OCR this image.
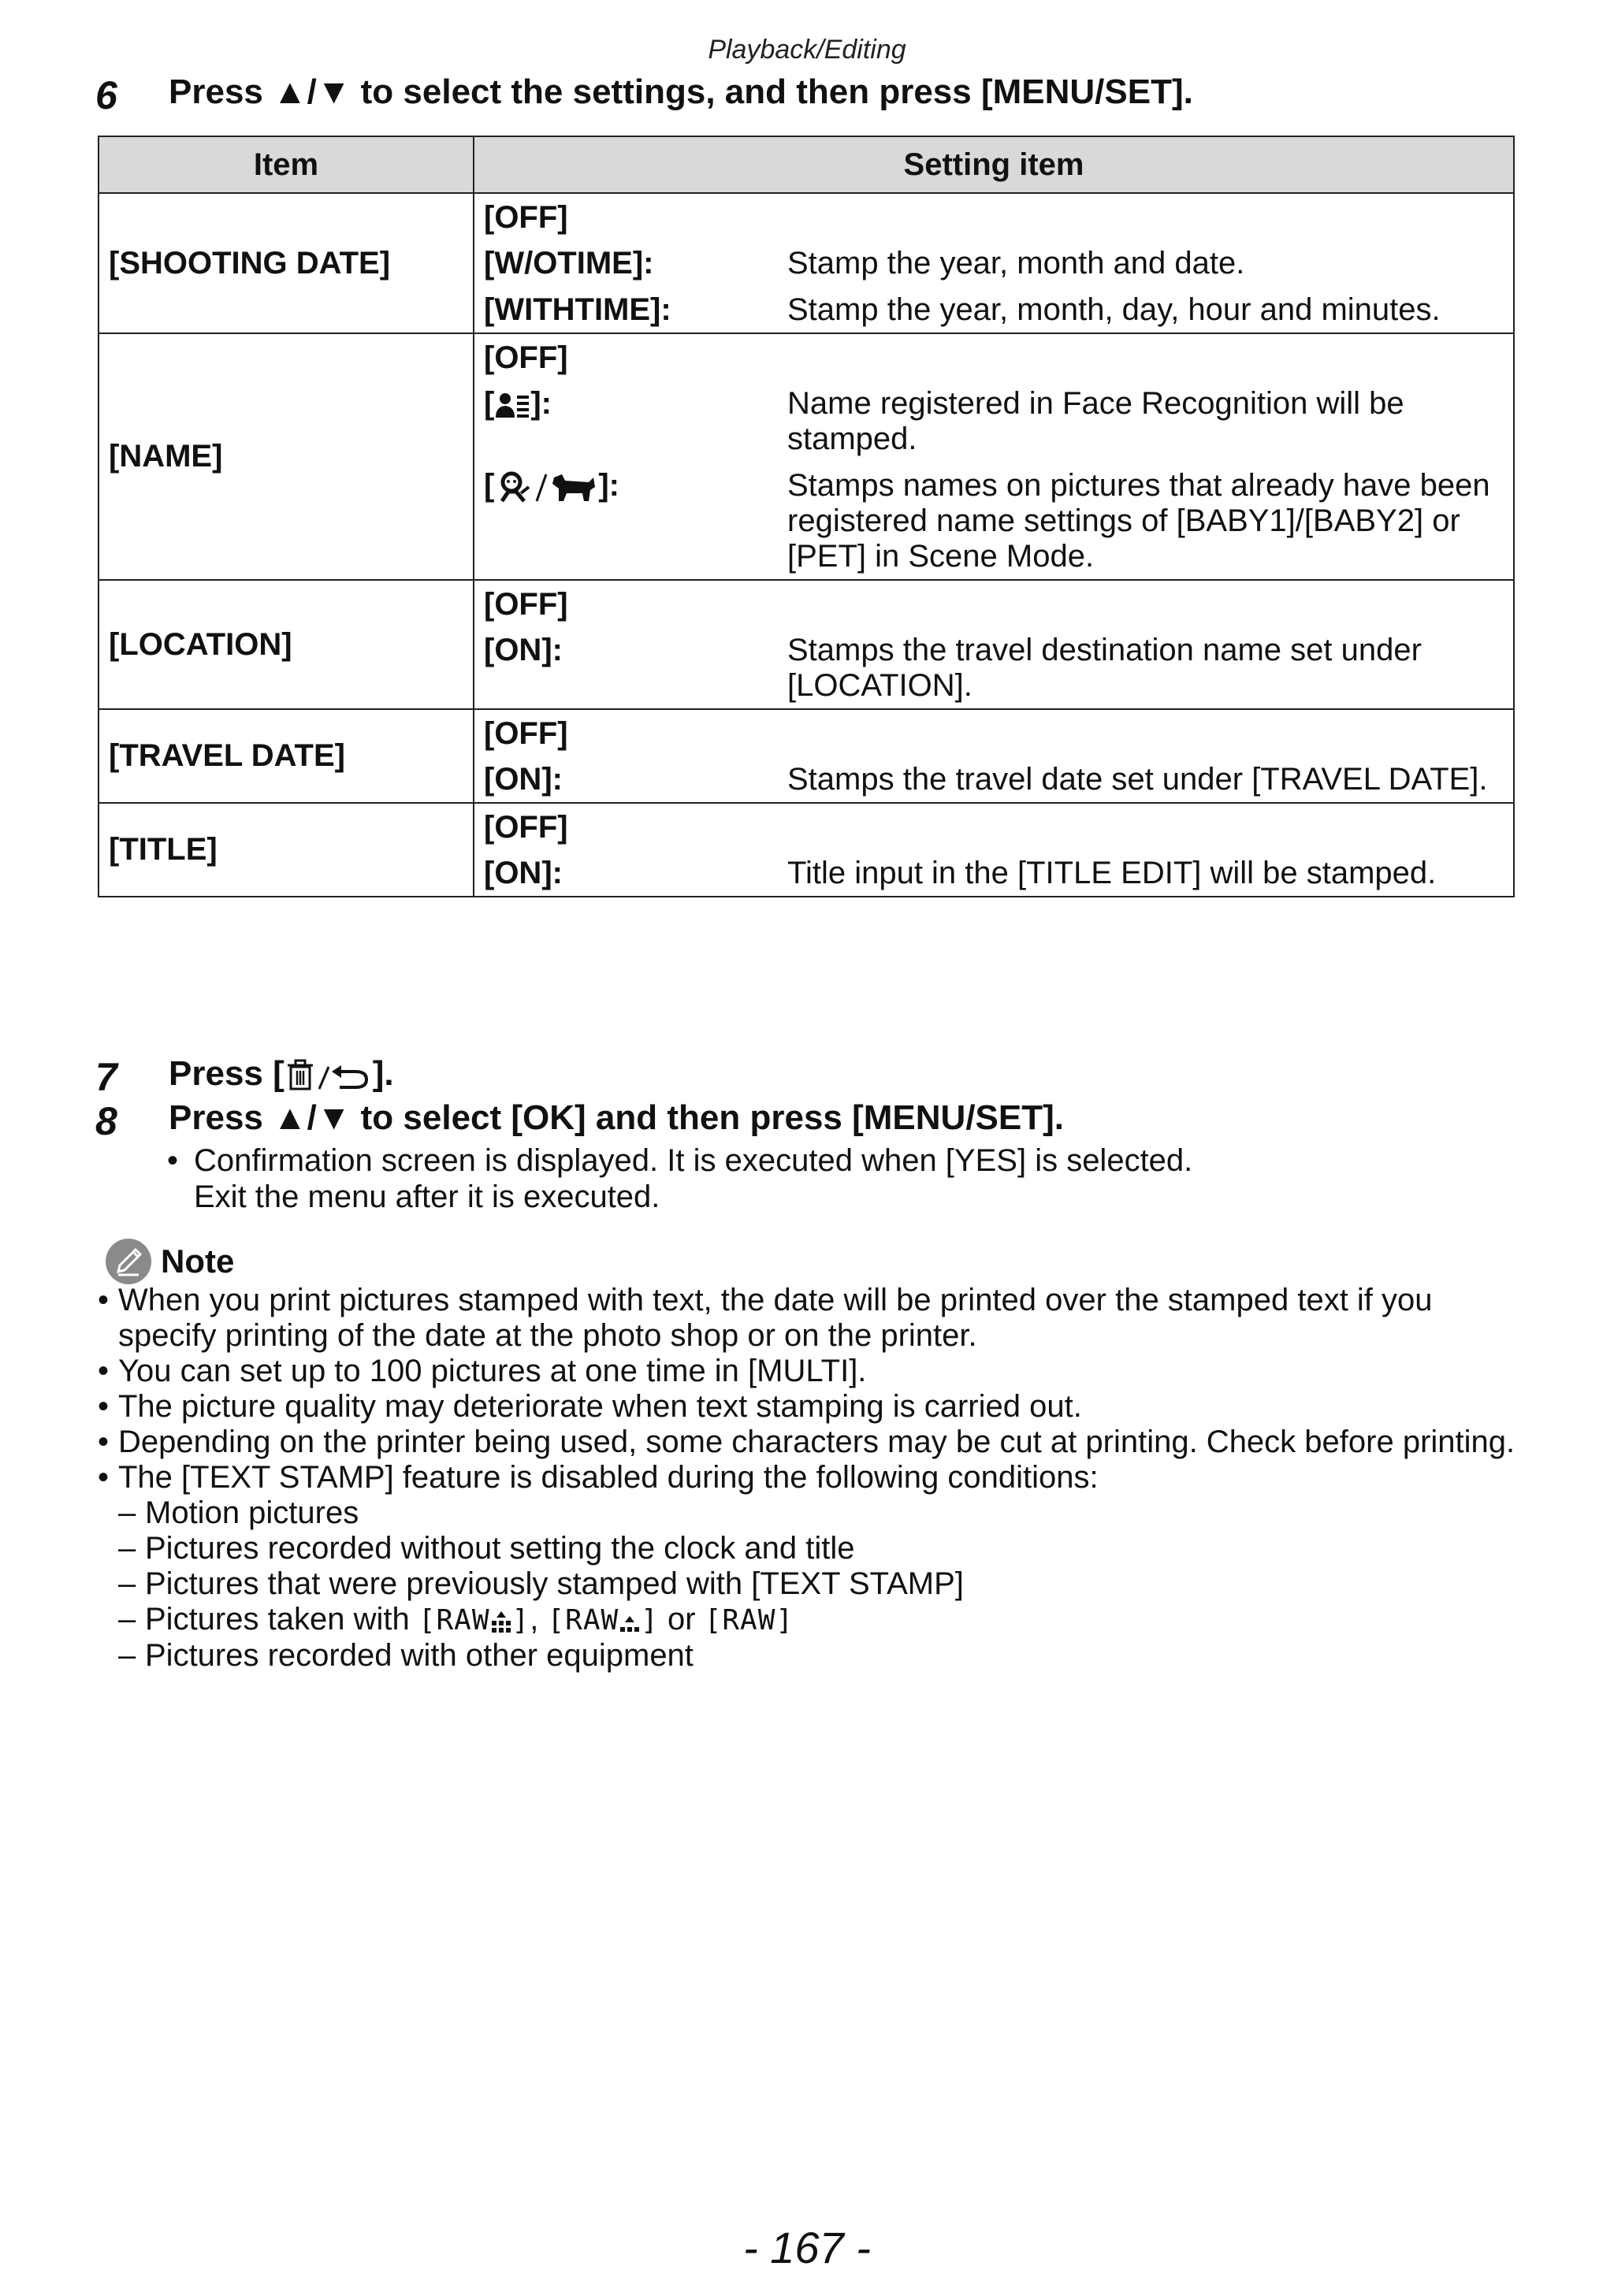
Playback/Editing
6 Press ▲/▼ to select the settings, and then press [MENU/SET].
Item	Setting item
[SHOOTING DATE]	[OFF]
[W/OTIME]: Stamp the year, month and date.
[WITHTIME]: Stamp the year, month, day, hour and minutes.

[NAME]	[OFF]
[ ]: Name registered in Face Recognition will be stamped.
[ ]: Stamps names on pictures that already have been registered name settings of [BABY1]/[BABY2] or [PET] in Scene Mode.

[LOCATION]	[OFF]
[ON]: Stamps the travel destination name set under [LOCATION].

[TRAVEL DATE]	[OFF]
[ON]: Stamps the travel date set under [TRAVEL DATE].

[TITLE]	[OFF]
[ON]: Title input in the [TITLE EDIT] will be stamped.
7 Press [	].
8 Press ▲/▼ to select [OK] and then press [MENU/SET].
• Confirmation screen is displayed. It is executed when [YES] is selected.
Exit the menu after it is executed.
Note
• When you print pictures stamped with text, the date will be printed over the stamped text if you specify printing of the date at the photo shop or on the printer.
• You can set up to 100 pictures at one time in [MULTI].
• The picture quality may deteriorate when text stamping is carried out.
• Depending on the printer being used, some characters may be cut at printing. Check before printing.
• The [TEXT STAMP] feature is disabled during the following conditions:
– Motion pictures
– Pictures recorded without setting the clock and title
– Pictures that were previously stamped with [TEXT STAMP]
– Pictures taken with [RAW ], [RAW ] or [RAW]
– Pictures recorded with other equipment
- 167 -
